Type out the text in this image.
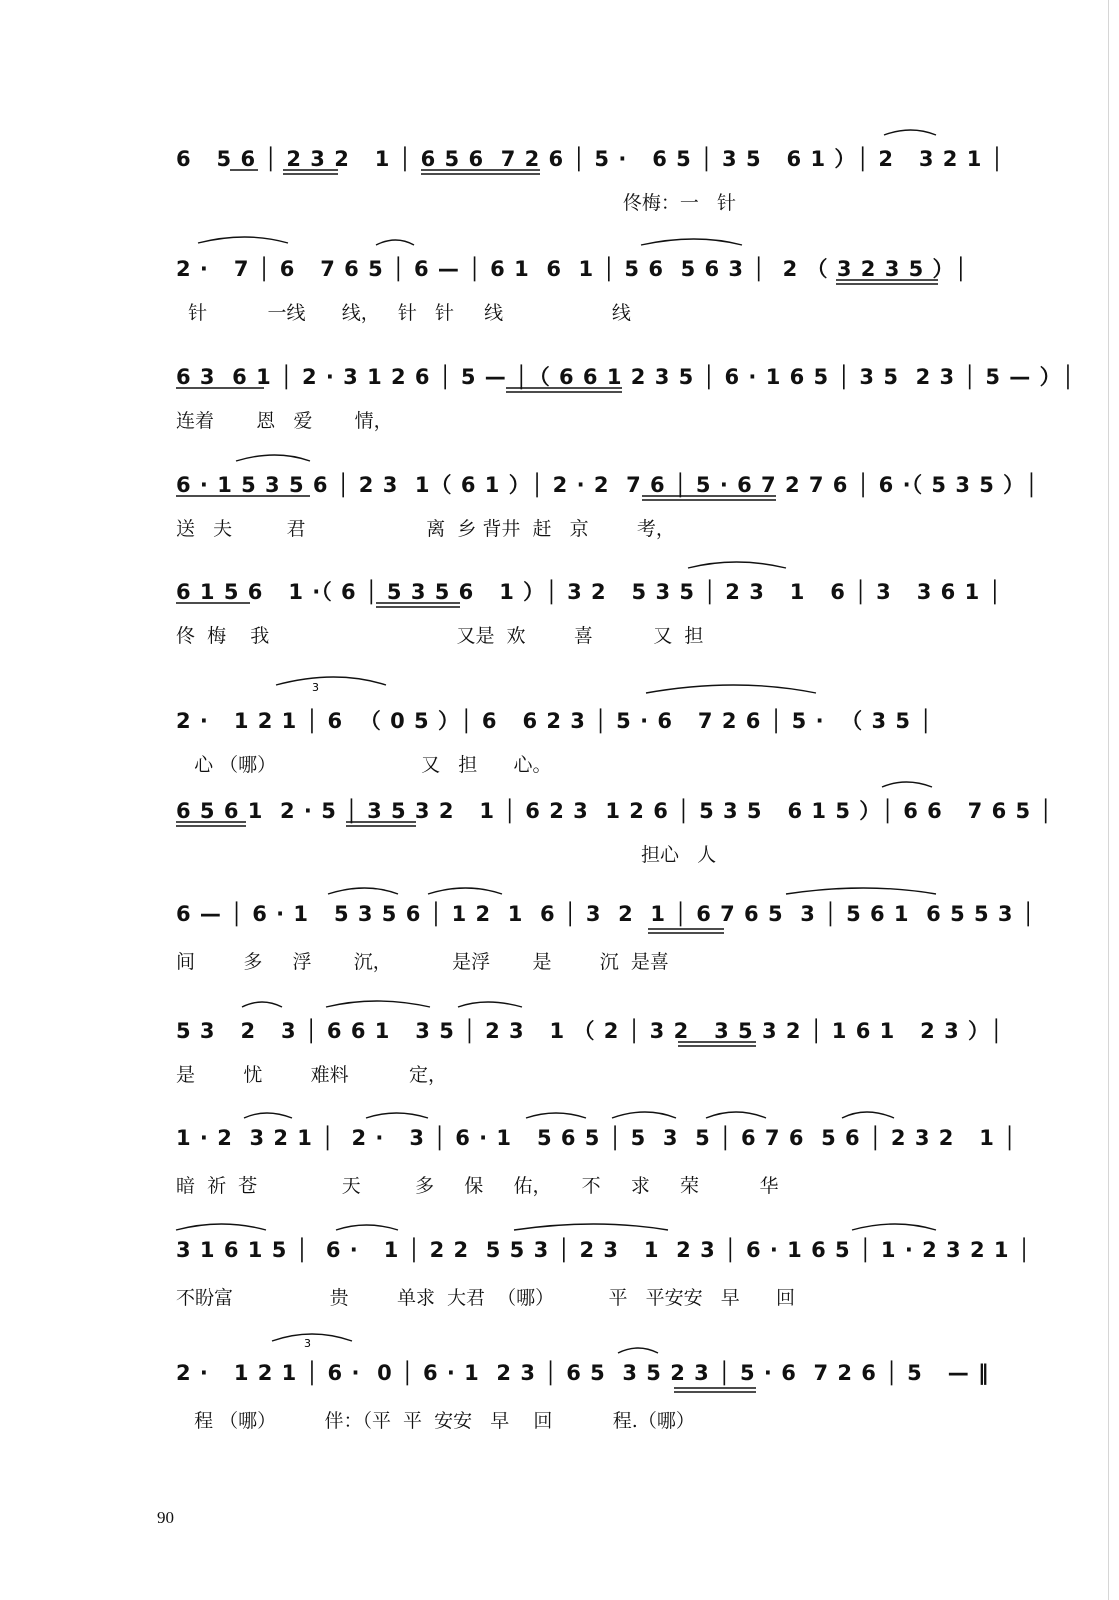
6   5 6 │ 2 3 2   1 │ 6 5 6  7 2 6 │ 5 ·   6 5 │ 3 5   6 1 ）│ 2   3 2 1 │
佟梅：一   针
2 ·   7 │ 6   7 6 5 │ 6 — │ 6 1  6  1 │ 5 6  5 6 3 │  2 （ 3 2 3 5 ）│
针          一线      线，   针   针     线                  线
6 3  6 1 │ 2 · 3 1 2 6 │ 5 — │（ 6 6 1 2 3 5 │ 6 · 1 6 5 │ 3 5  2 3 │ 5 — ）│
连着       恩   爱       情，
6 · 1 5 3 5 6 │ 2 3  1（ 6 1 ）│ 2 · 2  7 6 │ 5 · 6 7 2 7 6 │ 6 ·（ 5 3 5 ）│
送   夫         君                    离  乡 背井  赶   京        考，
6 1 5 6   1 ·（ 6 │ 5 3 5 6   1 ）│ 3 2   5 3 5 │ 2 3   1   6 │ 3   3 6 1 │
佟  梅    我                               又是  欢        喜          又  担
2 ·   1 2 1 │ 6  （ 0 5 ）│ 6   6 2 3 │ 5 · 6   7 2 6 │ 5 ·  （ 3 5 │
心 （哪）                        又   担      心。
3
6 5 6 1  2 · 5 │ 3 5 3 2   1 │ 6 2 3  1 2 6 │ 5 3 5   6 1 5 ）│ 6 6   7 6 5 │
担心   人
6 — │ 6 · 1   5 3 5 6 │ 1 2  1  6 │ 3  2  1 │ 6 7 6 5  3 │ 5 6 1  6 5 5 3 │
间        多     浮       沉，          是浮       是        沉  是喜
5 3   2   3 │ 6 6 1   3 5 │ 2 3   1 （ 2 │ 3 2   3 5 3 2 │ 1 6 1   2 3 ）│
是        忧        难料          定，
1 · 2  3 2 1 │  2 ·   3 │ 6 · 1   5 6 5 │ 5  3  5 │ 6 7 6  5 6 │ 2 3 2   1 │
暗  祈  苍              天         多     保     佑，     不     求     荣          华
3 1 6 1 5 │  6 ·   1 │ 2 2  5 5 3 │ 2 3   1  2 3 │ 6 · 1 6 5 │ 1 · 2 3 2 1 │
不盼富                贵        单求  大君  （哪）         平   平安安   早      回
2 ·   1 2 1 │ 6 ·  0 │ 6 · 1  2 3 │ 6 5  3 5 2 3 │ 5 · 6  7 2 6 │ 5   — ‖
程 （哪）        伴：（平  平  安安   早    回          程.（哪）
3
90
